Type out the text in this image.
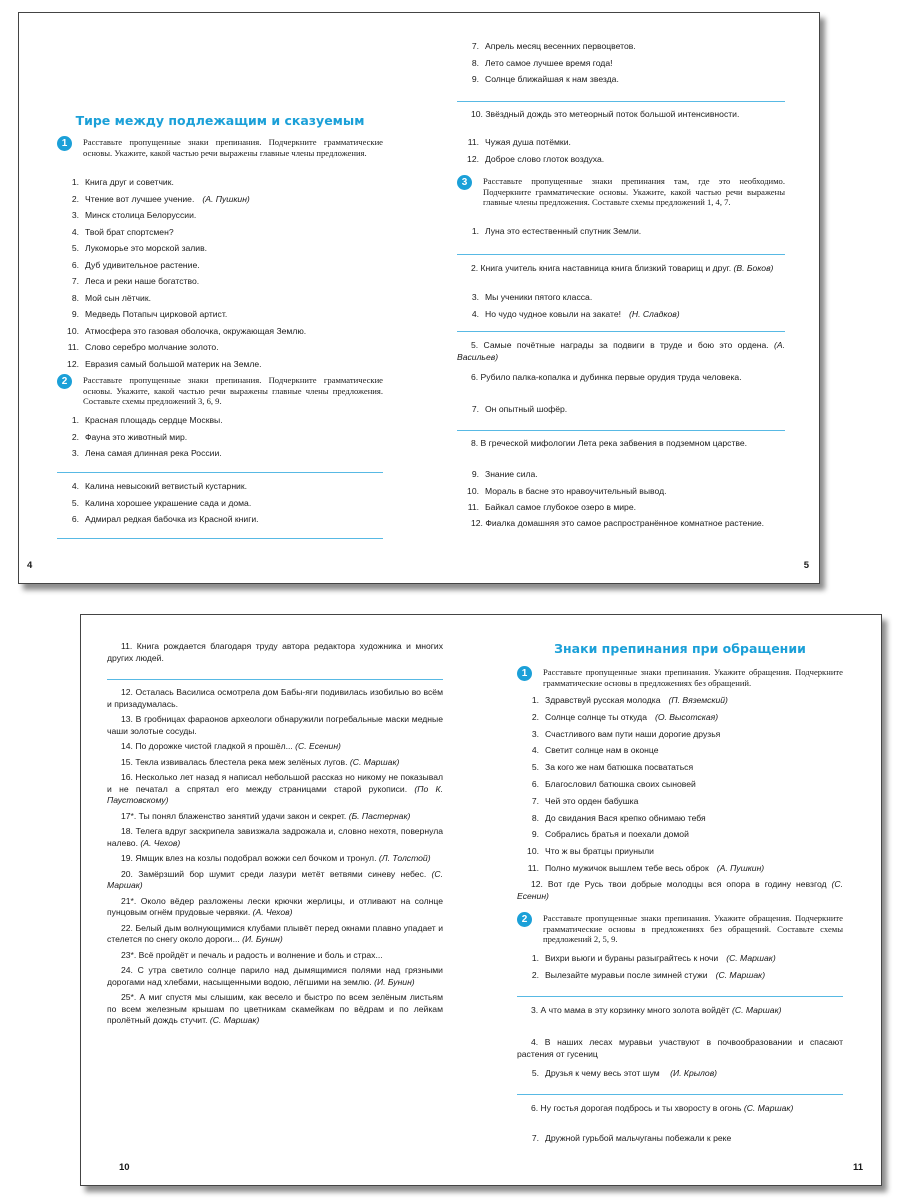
Тире между подлежащим и сказуемым
1	Расставьте пропущенные знаки препинания. Подчеркните грамматические основы. Укажите, какой частью речи выражены главные члены предложения.
1. Книга друг и советчик.
2. Чтение вот лучшее учение. (А. Пушкин)
3. Минск столица Белоруссии.
4. Твой брат спортсмен?
5. Лукоморье это морской залив.
6. Дуб удивительное растение.
7. Леса и реки наше богатство.
8. Мой сын лётчик.
9. Медведь Потапыч цирковой артист.
10. Атмосфера это газовая оболочка, окружающая Землю.
11. Слово серебро молчание золото.
12. Евразия самый большой материк на Земле.
2	Расставьте пропущенные знаки препинания. Подчеркните грамматические основы. Укажите, какой частью речи выражены главные члены предложения. Составьте схемы предложений 3, 6, 9.
1. Красная площадь сердце Москвы.
2. Фауна это животный мир.
3. Лена самая длинная река России.
4. Калина невысокий ветвистый кустарник.
5. Калина хорошее украшение сада и дома.
6. Адмирал редкая бабочка из Красной книги.
4
7. Апрель месяц весенних первоцветов.
8. Лето самое лучшее время года!
9. Солнце ближайшая к нам звезда.

10. Звёздный дождь это метеорный поток большой интенсивности.

11. Чужая душа потёмки.
12. Доброе слово глоток воздуха.
3	Расставьте пропущенные знаки препинания там, где это необходимо. Подчеркните грамматические основы. Укажите, какой частью речи выражены главные члены предложения. Составьте схемы предложений 1, 4, 7.
1. Луна это естественный спутник Земли.

2. Книга учитель книга наставница книга близкий товарищ и друг. (В. Боков)

3. Мы ученики пятого класса.
4. Но чудо чудное ковыли на закате! (Н. Сладков)

5. Самые почётные награды за подвиги в труде и бою это ордена. (А. Васильев)

6. Рубило палка-копалка и дубинка первые орудия труда человека.

7. Он опытный шофёр.

8. В греческой мифологии Лета река забвения в подземном царстве.

9. Знание сила.
10. Мораль в басне это нравоучительный вывод.
11. Байкал самое глубокое озеро в мире.

12. Фиалка домашняя это самое распространённое комнатное растение.

5

11. Книга рождается благодаря труду автора редактора художника и многих других людей.

12. Осталась Василиса осмотрела дом Бабы-яги подивилась изобилью во всём и призадумалась.

13. В гробницах фараонов археологи обнаружили погребальные маски медные чаши золотые сосуды.

14. По дорожке чистой гладкой я прошёл... (С. Есенин)

15. Текла извивалась блестела река меж зелёных лугов. (С. Маршак)

16. Несколько лет назад я написал небольшой рассказ но никому не показывал и не печатал а спрятал его между страницами старой рукописи. (По К. Паустовскому)

17*. Ты понял блаженство занятий удачи закон и секрет. (Б. Пастернак)

18. Телега вдруг заскрипела завизжала задрожала и, словно нехотя, повернула налево. (А. Чехов)

19. Ямщик влез на козлы подобрал вожжи сел бочком и тронул. (Л. Толстой)

20. Замёрзший бор шумит среди лазури метёт ветвями синеву небес. (С. Маршак)

21*. Около вёдер разложены лески крючки жерлицы, и отливают на солнце пунцовым огнём прудовые червяки. (А. Чехов)

22. Белый дым волнующимися клубами плывёт перед окнами плавно упадает и стелется по снегу около дороги... (И. Бунин)

23*. Всё пройдёт и печаль и радость и волнение и боль и страх...

24. С утра светило солнце парило над дымящимися полями над грязными дорогами над хлебами, насыщенными водою, лёгшими на землю. (И. Бунин)

25*. А миг спустя мы слышим, как весело и быстро по всем зелёным листьям по всем железным крышам по цветникам скамейкам по вёдрам и по лейкам пролётный дождь стучит. (С. Маршак)

10
Знаки препинания при обращении
1	Расставьте пропущенные знаки препинания. Укажите обращения. Подчеркните грамматические основы в предложениях без обращений.
1. Здравствуй русская молодка (П. Вяземский)
2. Солнце солнце ты откуда (О. Высотская)
3. Счастливого вам пути наши дорогие друзья
4. Светит солнце нам в оконце
5. За кого же нам батюшка посвататься
6. Благословил батюшка своих сыновей
7. Чей это орден бабушка
8. До свидания Вася крепко обнимаю тебя
9. Собрались братья и поехали домой
10. Что ж вы братцы приуныли
11. Полно мужичок вышлем тебе весь оброк (А. Пушкин)

12. Вот где Русь твои добрые молодцы вся опора в годину невзгод (С. Есенин)

2	Расставьте пропущенные знаки препинания. Укажите обращения. Подчеркните грамматические основы в предложениях без обращений. Составьте схемы предложений 2, 5, 9.
1. Вихри вьюги и бураны разыграйтесь к ночи (С. Маршак)
2. Вылезайте муравьи после зимней стужи (С. Маршак)

3. А что мама в эту корзинку много золота войдёт (С. Маршак)

4. В наших лесах муравьи участвуют в почвообразовании и спасают растения от гусениц

5. Друзья к чему весь этот шум (И. Крылов)

6. Ну гостья дорогая подбрось и ты хворосту в огонь (С. Маршак)

7. Дружной гурьбой мальчуганы побежали к реке
11
